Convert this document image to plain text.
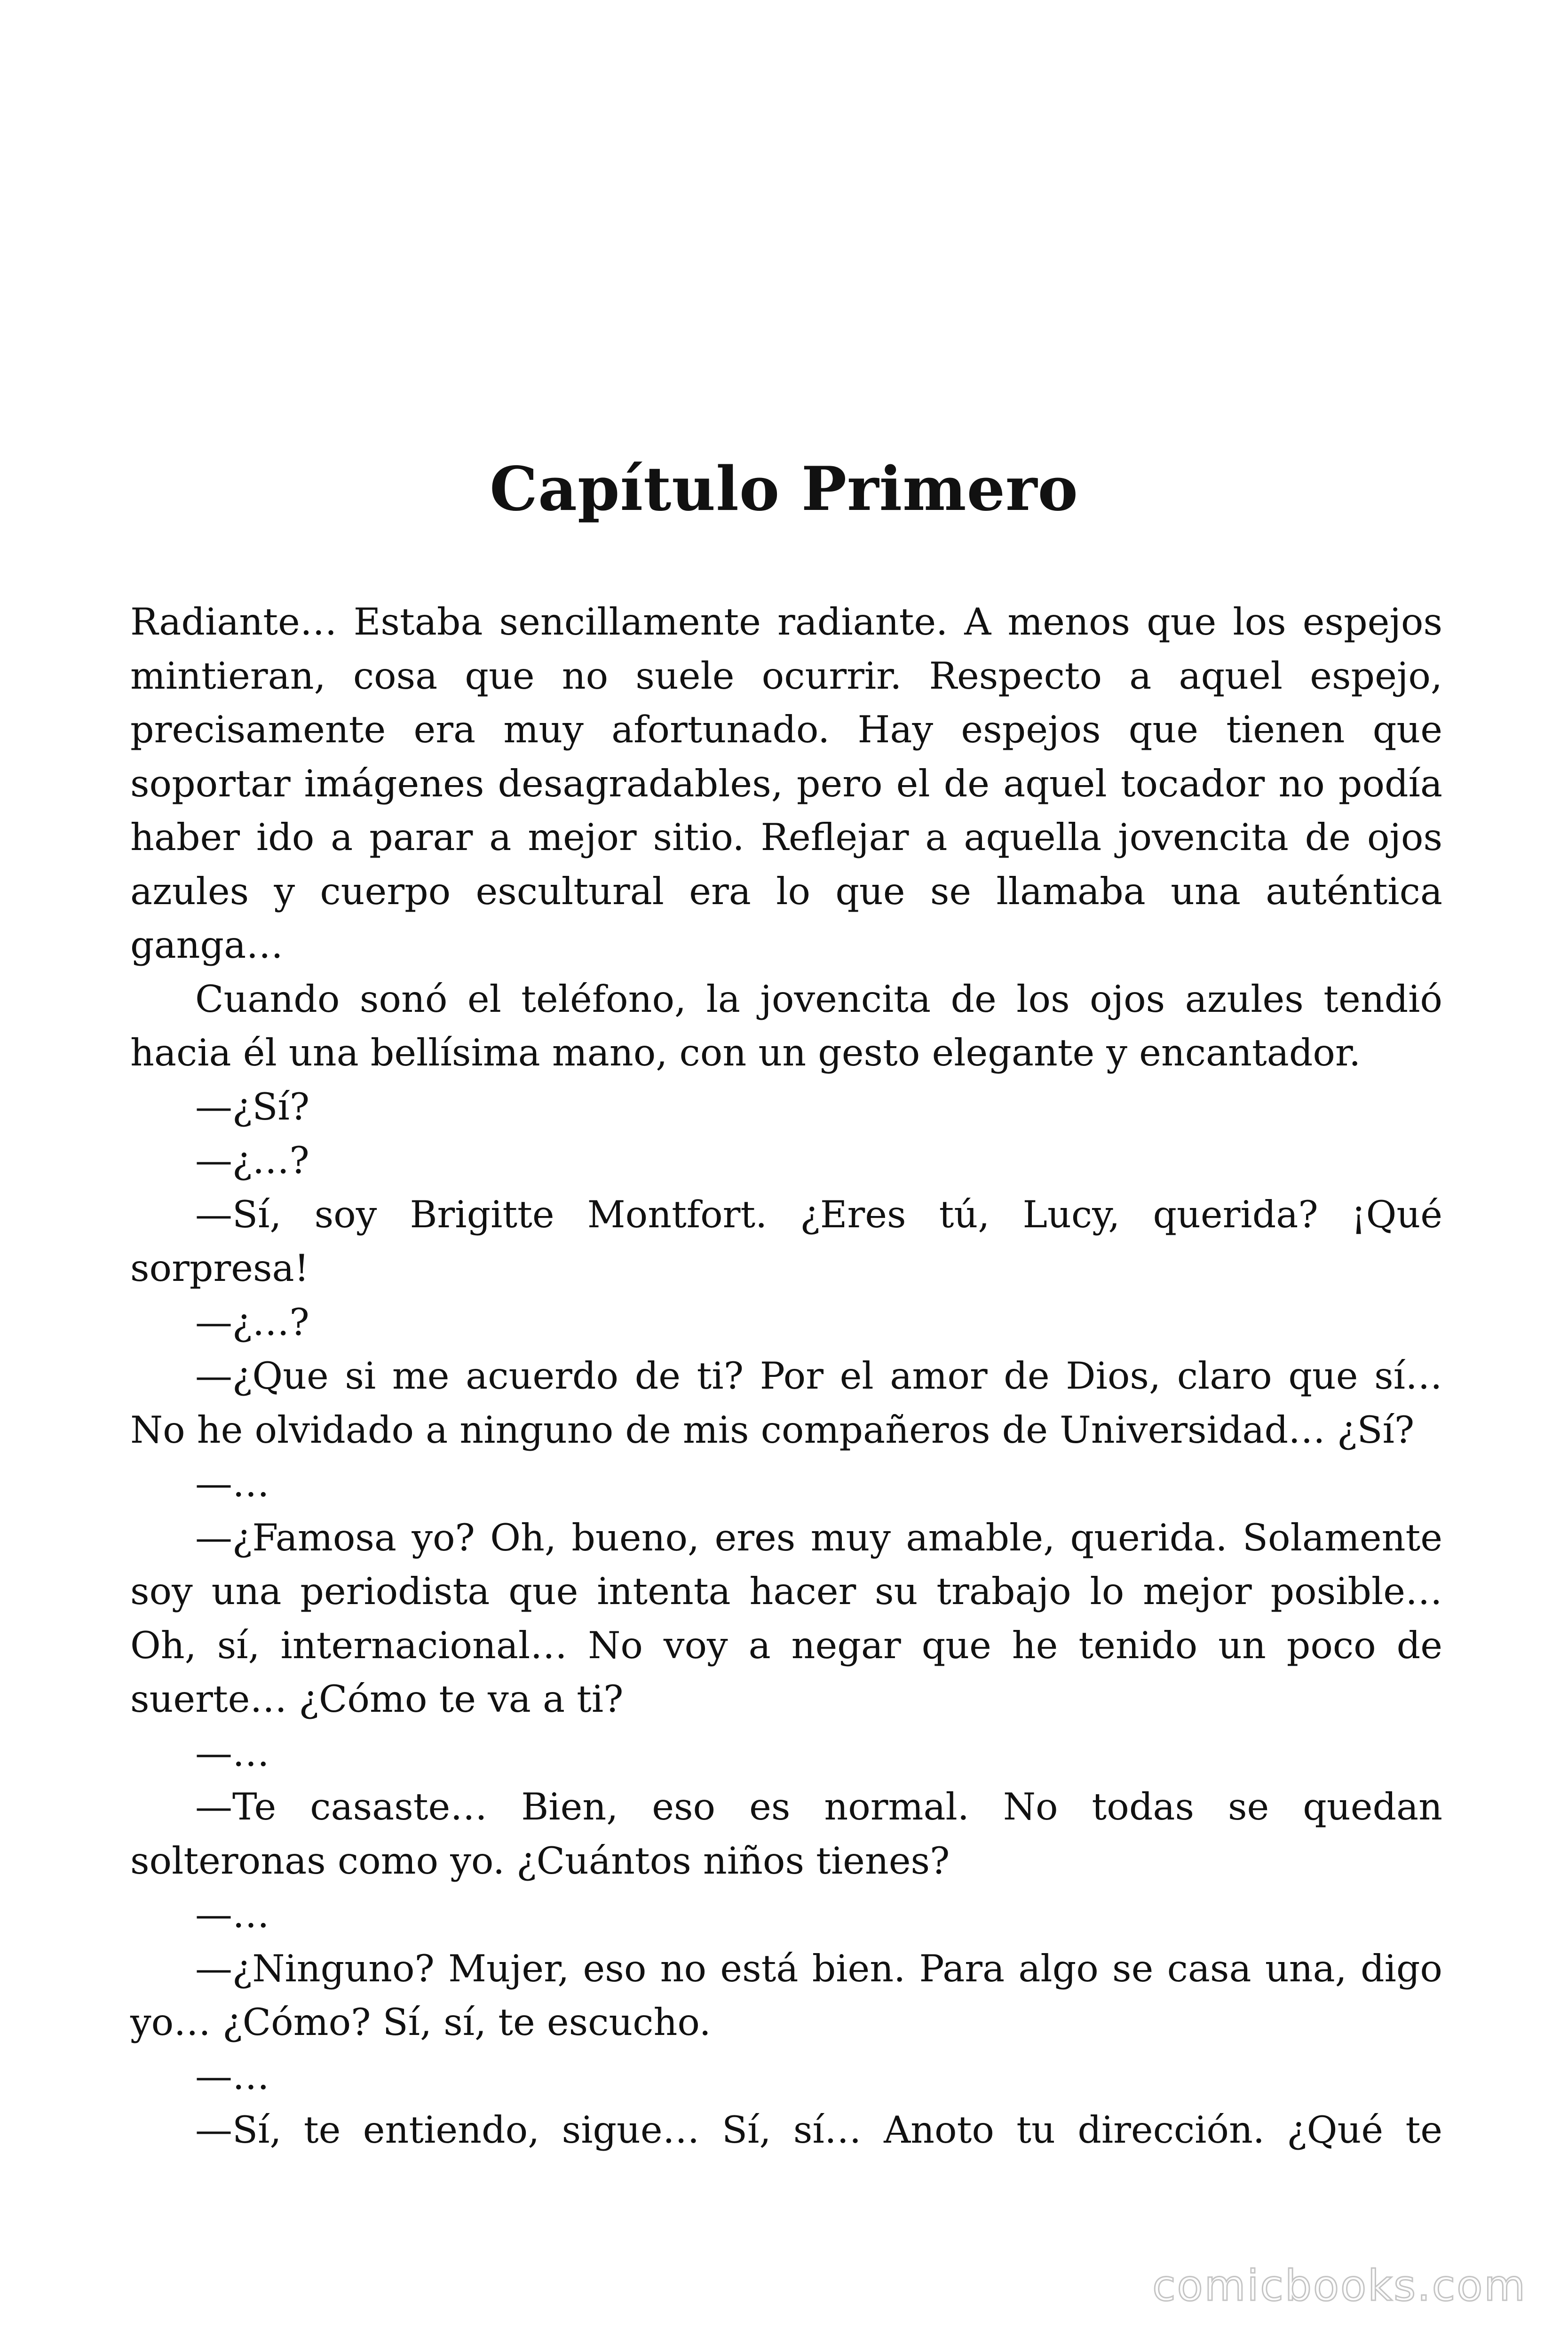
Capítulo Primero

Radiante… Estaba sencillamente radiante. A menos que los espejos mintieran, cosa que no suele ocurrir. Respecto a aquel espejo, precisamente era muy afortunado. Hay espejos que tienen que soportar imágenes desagradables, pero el de aquel tocador no podía haber ido a parar a mejor sitio. Reflejar a aquella jovencita de ojos azules y cuerpo escultural era lo que se llamaba una auténtica ganga…

Cuando sonó el teléfono, la jovencita de los ojos azules tendió hacia él una bellísima mano, con un gesto elegante y encantador.

—¿Sí?

—¿…?

—Sí, soy Brigitte Montfort. ¿Eres tú, Lucy, querida? ¡Qué sorpresa!

—¿…?

—¿Que si me acuerdo de ti? Por el amor de Dios, claro que sí… No he olvidado a ninguno de mis compañeros de Universidad… ¿Sí?

—…

—¿Famosa yo? Oh, bueno, eres muy amable, querida. Solamente soy una periodista que intenta hacer su trabajo lo mejor posible… Oh, sí, internacional… No voy a negar que he tenido un poco de suerte… ¿Cómo te va a ti?

—…

—Te casaste… Bien, eso es normal. No todas se quedan solteronas como yo. ¿Cuántos niños tienes?

—…

—¿Ninguno? Mujer, eso no está bien. Para algo se casa una, digo yo… ¿Cómo? Sí, sí, te escucho.

—…

—Sí, te entiendo, sigue… Sí, sí… Anoto tu dirección. ¿Qué te

comicbooks.com
